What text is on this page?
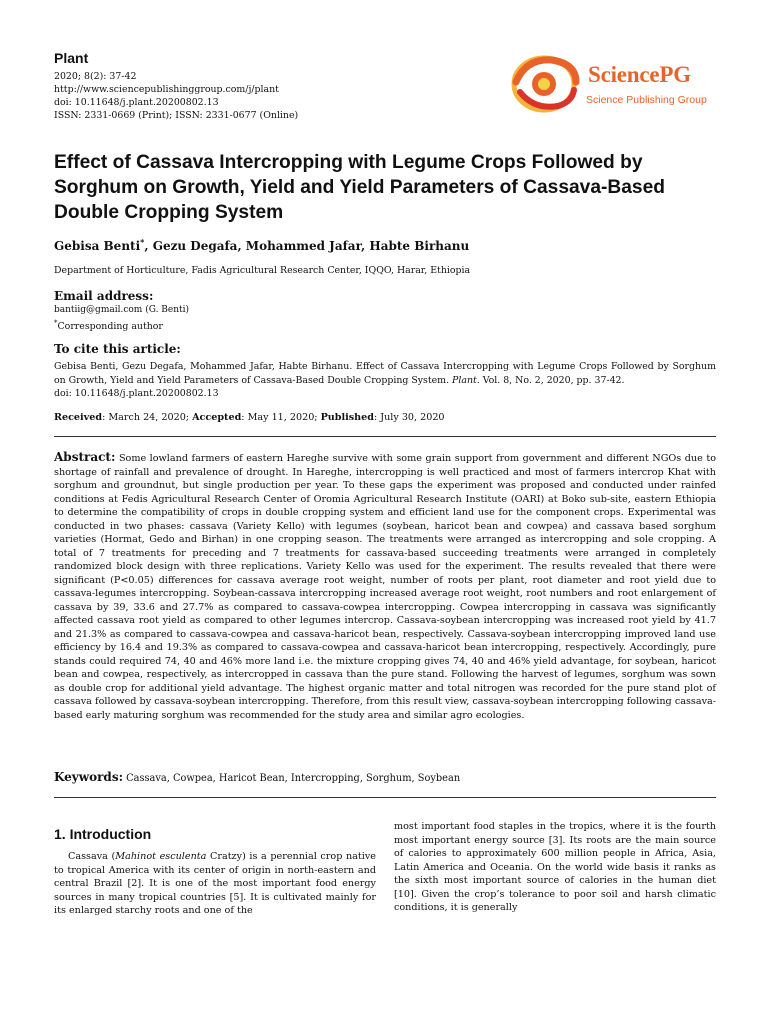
Plant
2020; 8(2): 37-42
http://www.sciencepublishinggroup.com/j/plant
doi: 10.11648/j.plant.20200802.13
ISSN: 2331-0669 (Print); ISSN: 2331-0677 (Online)
SciencePG
Science Publishing Group
Effect of Cassava Intercropping with Legume Crops Followed by Sorghum on Growth, Yield and Yield Parameters of Cassava-Based Double Cropping System
Gebisa Benti*, Gezu Degafa, Mohammed Jafar, Habte Birhanu
Department of Horticulture, Fadis Agricultural Research Center, IQQO, Harar, Ethiopia
Email address:
bantiig@gmail.com (G. Benti)
*Corresponding author
To cite this article:
Gebisa Benti, Gezu Degafa, Mohammed Jafar, Habte Birhanu. Effect of Cassava Intercropping with Legume Crops Followed by Sorghum on Growth, Yield and Yield Parameters of Cassava-Based Double Cropping System. Plant. Vol. 8, No. 2, 2020, pp. 37-42.
doi: 10.11648/j.plant.20200802.13
Received: March 24, 2020; Accepted: May 11, 2020; Published: July 30, 2020
Abstract: Some lowland farmers of eastern Hareghe survive with some grain support from government and different NGOs due to shortage of rainfall and prevalence of drought. In Hareghe, intercropping is well practiced and most of farmers intercrop Khat with sorghum and groundnut, but single production per year. To these gaps the experiment was proposed and conducted under rainfed conditions at Fedis Agricultural Research Center of Oromia Agricultural Research Institute (OARI) at Boko sub-site, eastern Ethiopia to determine the compatibility of crops in double cropping system and efficient land use for the component crops. Experimental was conducted in two phases: cassava (Variety Kello) with legumes (soybean, haricot bean and cowpea) and cassava based sorghum varieties (Hormat, Gedo and Birhan) in one cropping season. The treatments were arranged as intercropping and sole cropping. A total of 7 treatments for preceding and 7 treatments for cassava-based succeeding treatments were arranged in completely randomized block design with three replications. Variety Kello was used for the experiment. The results revealed that there were significant (P<0.05) differences for cassava average root weight, number of roots per plant, root diameter and root yield due to cassava-legumes intercropping. Soybean-cassava intercropping increased average root weight, root numbers and root enlargement of cassava by 39, 33.6 and 27.7% as compared to cassava-cowpea intercropping. Cowpea intercropping in cassava was significantly affected cassava root yield as compared to other legumes intercrop. Cassava-soybean intercropping was increased root yield by 41.7 and 21.3% as compared to cassava-cowpea and cassava-haricot bean, respectively. Cassava-soybean intercropping improved land use efficiency by 16.4 and 19.3% as compared to cassava-cowpea and cassava-haricot bean intercropping, respectively. Accordingly, pure stands could required 74, 40 and 46% more land i.e. the mixture cropping gives 74, 40 and 46% yield advantage, for soybean, haricot bean and cowpea, respectively, as intercropped in cassava than the pure stand. Following the harvest of legumes, sorghum was sown as double crop for additional yield advantage. The highest organic matter and total nitrogen was recorded for the pure stand plot of cassava followed by cassava-soybean intercropping. Therefore, from this result view, cassava-soybean intercropping following cassava-based early maturing sorghum was recommended for the study area and similar agro ecologies.
Keywords: Cassava, Cowpea, Haricot Bean, Intercropping, Sorghum, Soybean
1. Introduction
Cassava (Mahinot esculenta Cratzy) is a perennial crop native to tropical America with its center of origin in north-eastern and central Brazil [2]. It is one of the most important food energy sources in many tropical countries [5]. It is cultivated mainly for its enlarged starchy roots and one of the
most important food staples in the tropics, where it is the fourth most important energy source [3]. Its roots are the main source of calories to approximately 600 million people in Africa, Asia, Latin America and Oceania. On the world wide basis it ranks as the sixth most important source of calories in the human diet [10]. Given the crop’s tolerance to poor soil and harsh climatic conditions, it is generally
